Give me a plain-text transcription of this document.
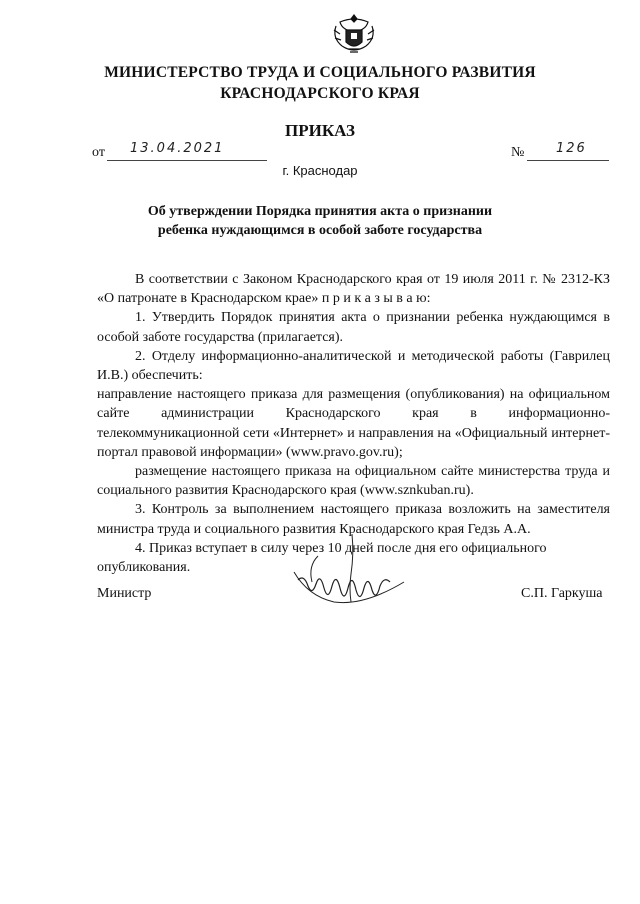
МИНИСТЕРСТВО ТРУДА И СОЦИАЛЬНОГО РАЗВИТИЯ
КРАСНОДАРСКОГО КРАЯ
ПРИКАЗ
от 13.04.2021	№ 126
г. Краснодар
Об утверждении Порядка принятия акта о признании
ребенка нуждающимся в особой заботе государства

В соответствии с Законом Краснодарского края от 19 июля 2011 г. № 2312-КЗ «О патронате в Краснодарском крае» п р и к а з ы в а ю:

1. Утвердить Порядок принятия акта о признании ребенка нуждающимся в особой заботе государства (прилагается).

2. Отделу информационно-аналитической и методической работы (Гаврилец И.В.) обеспечить:

направление настоящего приказа для размещения (опубликования) на официальном сайте администрации Краснодарского края в информационно-телекоммуникационной сети «Интернет» и направления на «Официальный интернет-портал правовой информации» (www.pravo.gov.ru);

размещение настоящего приказа на официальном сайте министерства труда и социального развития Краснодарского края (www.sznkuban.ru).

3. Контроль за выполнением настоящего приказа возложить на заместителя министра труда и социального развития Краснодарского края Гедзь А.А.

4. Приказ вступает в силу через 10 дней после дня его официального опубликования.

Министр	С.П. Гаркуша
